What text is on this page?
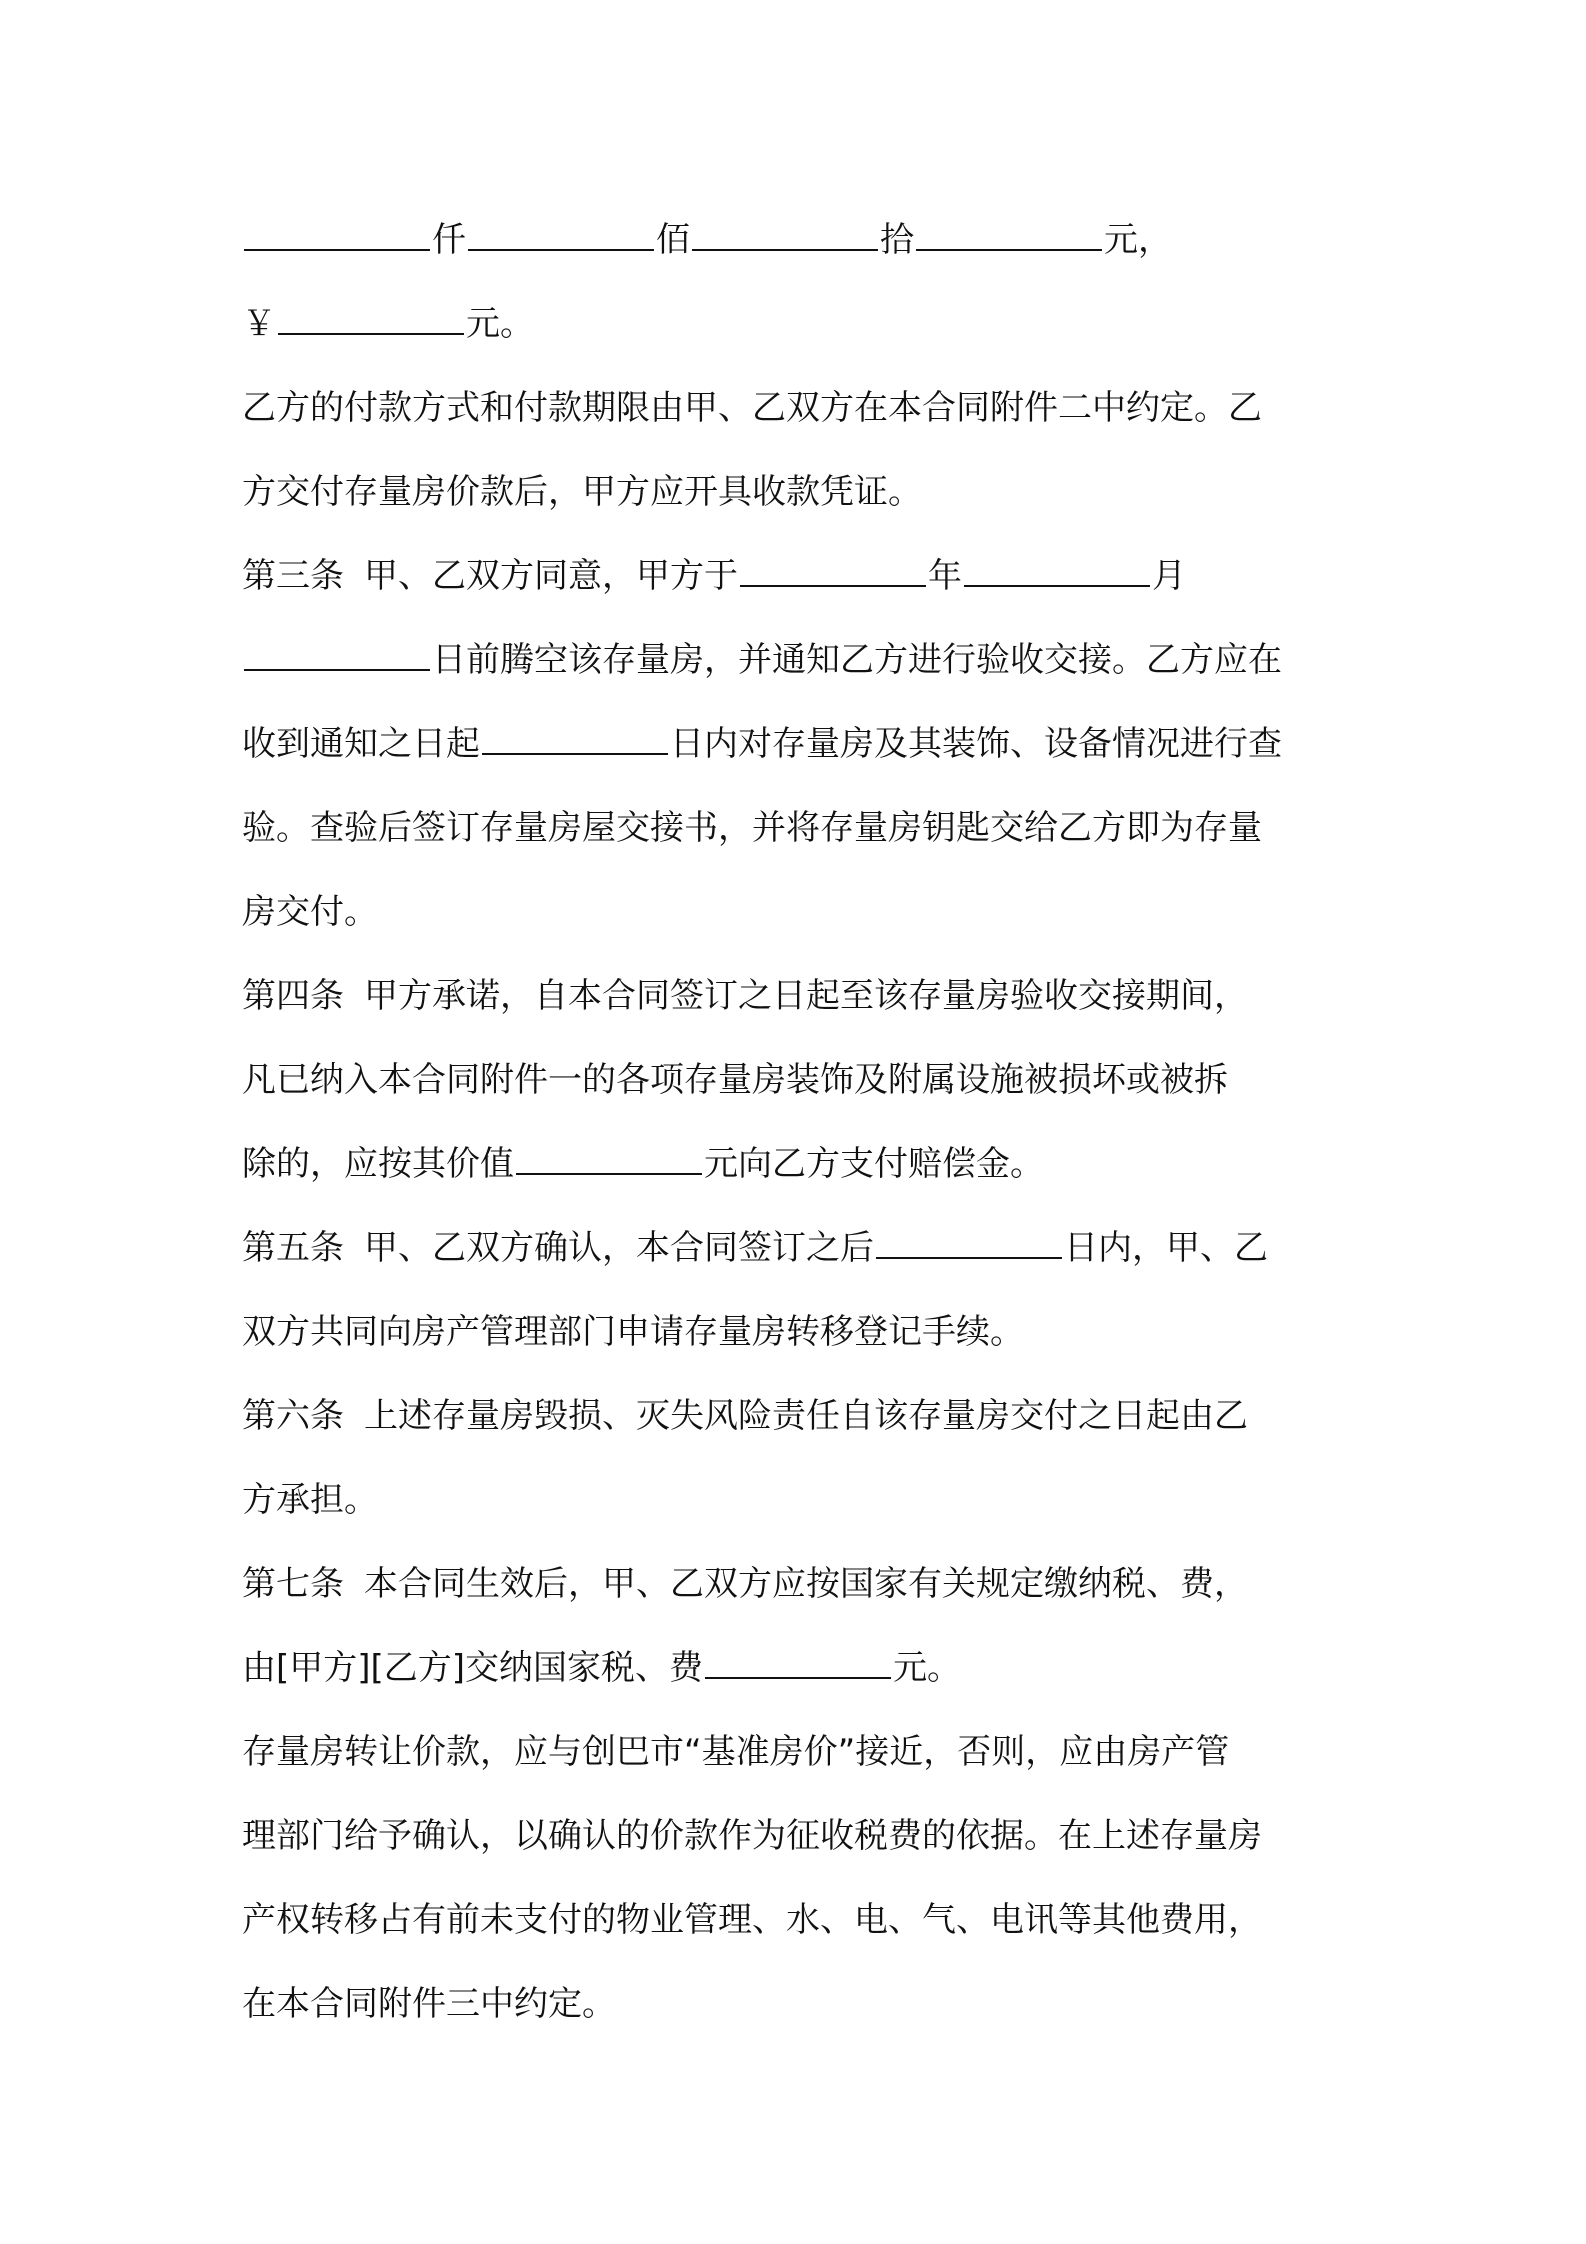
仟	佰	拾	元，
￥	元。
乙方的付款方式和付款期限由甲、乙双方在本合同附件二中约定。乙
方交付存量房价款后，甲方应开具收款凭证。
第三条 甲、乙双方同意，甲方于	年	月
日前腾空该存量房，并通知乙方进行验收交接。乙方应在
收到通知之日起	日内对存量房及其装饰、设备情况进行查
验。查验后签订存量房屋交接书，并将存量房钥匙交给乙方即为存量
房交付。
第四条 甲方承诺，自本合同签订之日起至该存量房验收交接期间，
凡已纳入本合同附件一的各项存量房装饰及附属设施被损坏或被拆
除的，应按其价值	元向乙方支付赔偿金。
第五条 甲、乙双方确认，本合同签订之后	日内，甲、乙
双方共同向房产管理部门申请存量房转移登记手续。
第六条 上述存量房毁损、灭失风险责任自该存量房交付之日起由乙
方承担。
第七条 本合同生效后，甲、乙双方应按国家有关规定缴纳税、费，
由[甲方][乙方]交纳国家税、费	元。
存量房转让价款，应与创巴市“基准房价”接近，否则，应由房产管
理部门给予确认，以确认的价款作为征收税费的依据。在上述存量房
产权转移占有前未支付的物业管理、水、电、气、电讯等其他费用，
在本合同附件三中约定。
